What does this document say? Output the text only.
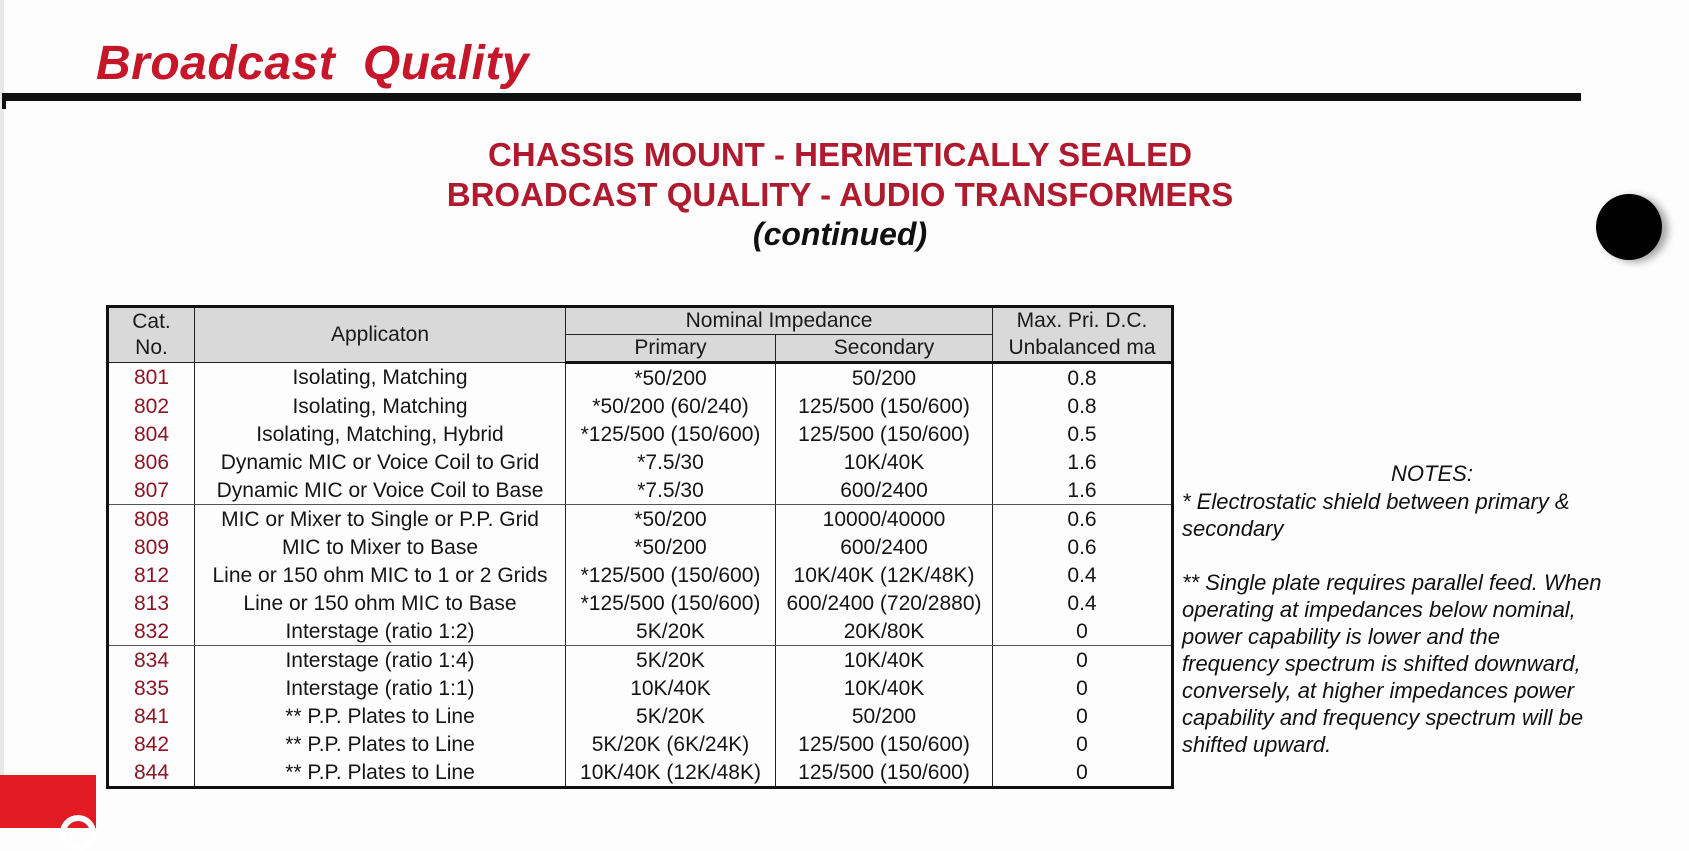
Broadcast  Quality
CHASSIS MOUNT - HERMETICALLY SEALED
BROADCAST QUALITY - AUDIO TRANSFORMERS
(continued)
Cat. No.	Applicaton	Nominal Impedance		Max. Pri. D.C.
		Primary	Secondary	Unbalanced ma
801	Isolating, Matching	*50/200	50/200	0.8
802	Isolating, Matching	*50/200 (60/240)	125/500 (150/600)	0.8
804	Isolating, Matching, Hybrid	*125/500 (150/600)	125/500 (150/600)	0.5
806	Dynamic MIC or Voice Coil to Grid	*7.5/30	10K/40K	1.6
807	Dynamic MIC or Voice Coil to Base	*7.5/30	600/2400	1.6
808	MIC or Mixer to Single or P.P. Grid	*50/200	10000/40000	0.6
809	MIC to Mixer to Base	*50/200	600/2400	0.6
812	Line or 150 ohm MIC to 1 or 2 Grids	*125/500 (150/600)	10K/40K (12K/48K)	0.4
813	Line or 150 ohm MIC to Base	*125/500 (150/600)	600/2400 (720/2880)	0.4
832	Interstage (ratio 1:2)	5K/20K	20K/80K	0
834	Interstage (ratio 1:4)	5K/20K	10K/40K	0
835	Interstage (ratio 1:1)	10K/40K	10K/40K	0
841	** P.P. Plates to Line	5K/20K	50/200	0
842	** P.P. Plates to Line	5K/20K (6K/24K)	125/500 (150/600)	0
844	** P.P. Plates to Line	10K/40K (12K/48K)	125/500 (150/600)	0
NOTES:

* Electrostatic shield between primary & secondary

** Single plate requires parallel feed. When operating at impedances below nominal, power capability is lower and the frequency spectrum is shifted downward, conversely, at higher impedances power capability and frequency spectrum will be shifted upward.
